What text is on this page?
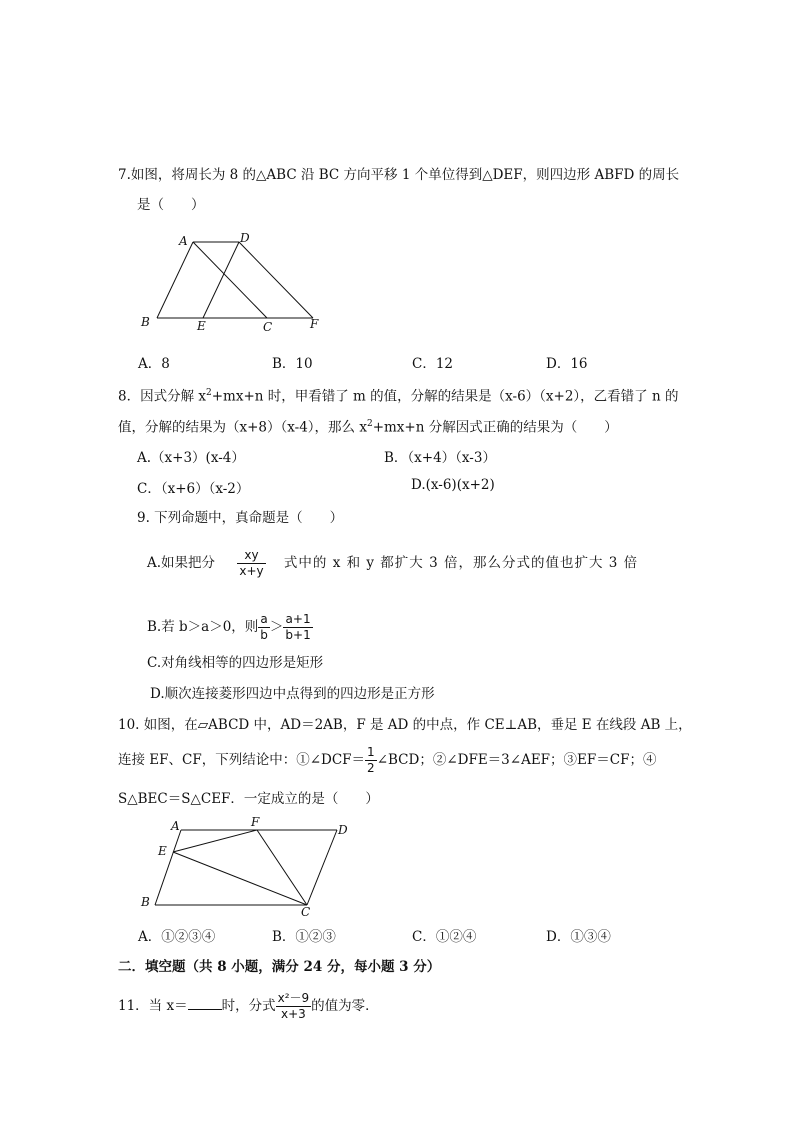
7.如图，将周长为 8 的△ABC 沿 BC 方向平移 1 个单位得到△DEF，则四边形 ABFD 的周长
是（　　）
A	D
B	E	C	F
A．8	B．10	C．12	D．16
8．因式分解 $x^2+mx+n$ 时，甲看错了 m 的值，分解的结果是（x-6）（x+2），乙看错了 n 的
值，分解的结果为（x+8）（x-4），那么 $x^2+mx+n$ 分解因式正确的结果为（　　）
A.（x+3）(x-4）	B．（x+4）（x-3）
C．（x+6）（x-2）	D.(x-6)(x+2)
9. 下列命题中，真命题是（　　）
A.如果把分 $\frac{xy}{x+y}$ 式中的 x 和 y 都扩大 3 倍，那么分式的值也扩大 3 倍
B.若 b＞a＞0，则 $\frac{a}{b} > \frac{a+1}{b+1}$
C.对角线相等的四边形是矩形
D.顺次连接菱形四边中点得到的四边形是正方形
10. 如图，在▱ABCD 中，AD＝2AB，F 是 AD 的中点，作 CE⊥AB，垂足 E 在线段 AB 上，
连接 EF、CF，下列结论中：①∠DCF＝ $\frac{1}{2}$ ∠BCD；②∠DFE＝3∠AEF；③EF＝CF；④
S△BEC＝S△CEF．一定成立的是（　　）
A	F
D
E
B
C
A．①②③④	B．①②③	C．①②④	D．①③④
二．填空题（共 8 小题，满分 24 分，每小题 3 分）
11．当 x＝	时，分式 $\frac{\text{x²－9}}{x+3}$ 的值为零．
